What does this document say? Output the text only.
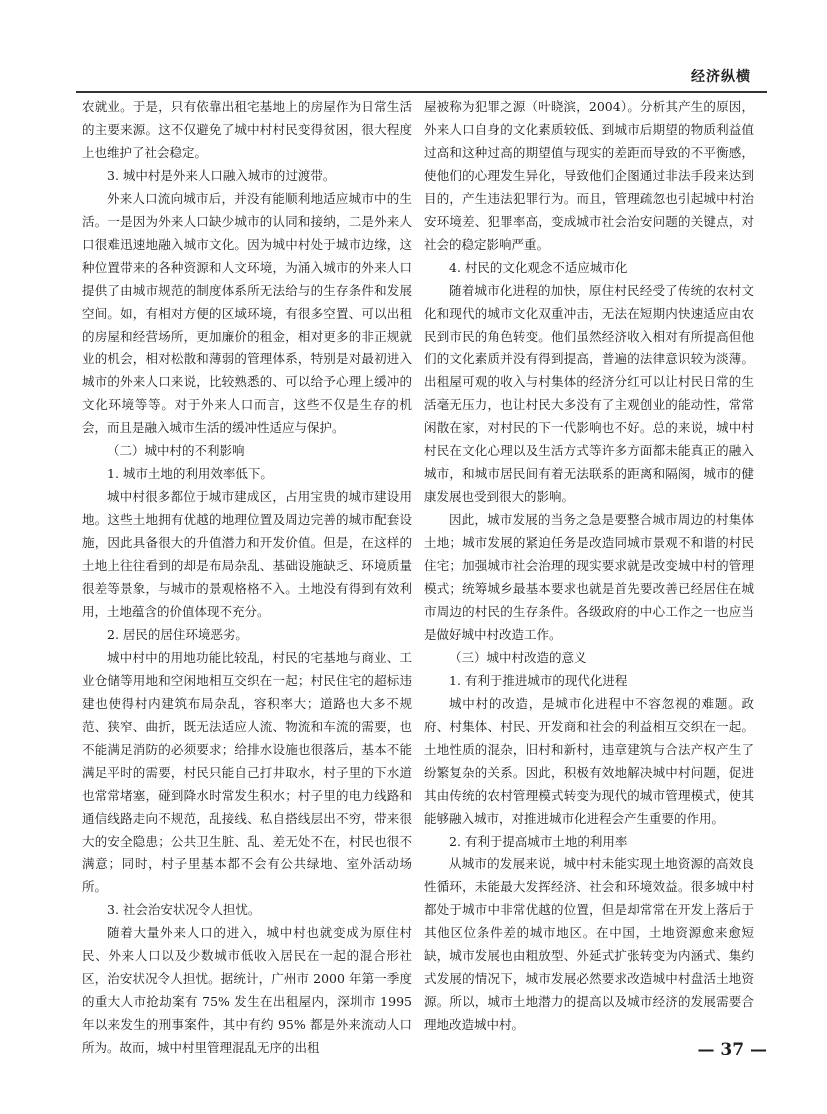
经济纵横

农就业。于是，只有依靠出租宅基地上的房屋作为日常生活的主要来源。这不仅避免了城中村村民变得贫困，很大程度上也维护了社会稳定。

3. 城中村是外来人口融入城市的过渡带。

外来人口流向城市后，并没有能顺利地适应城市中的生活。一是因为外来人口缺少城市的认同和接纳，二是外来人口很难迅速地融入城市文化。因为城中村处于城市边缘，这种位置带来的各种资源和人文环境，为涌入城市的外来人口提供了由城市规范的制度体系所无法给与的生存条件和发展空间。如，有相对方便的区域环境，有很多空置、可以出租的房屋和经营场所，更加廉价的租金，相对更多的非正规就业的机会，相对松散和薄弱的管理体系，特别是对最初进入城市的外来人口来说，比较熟悉的、可以给予心理上缓冲的文化环境等等。对于外来人口而言，这些不仅是生存的机会，而且是融入城市生活的缓冲性适应与保护。

（二）城中村的不利影响

1. 城市土地的利用效率低下。

城中村很多都位于城市建成区，占用宝贵的城市建设用地。这些土地拥有优越的地理位置及周边完善的城市配套设施，因此具备很大的升值潜力和开发价值。但是，在这样的土地上往往看到的却是布局杂乱、基础设施缺乏、环境质量很差等景象，与城市的景观格格不入。土地没有得到有效利用，土地蕴含的价值体现不充分。

2. 居民的居住环境恶劣。

城中村中的用地功能比较乱，村民的宅基地与商业、工业仓储等用地和空闲地相互交织在一起；村民住宅的超标违建也使得村内建筑布局杂乱，容积率大；道路也大多不规范、狭窄、曲折，既无法适应人流、物流和车流的需要，也不能满足消防的必须要求；给排水设施也很落后，基本不能满足平时的需要，村民只能自己打井取水，村子里的下水道也常常堵塞，碰到降水时常发生积水；村子里的电力线路和通信线路走向不规范，乱接线、私自搭线层出不穷，带来很大的安全隐患；公共卫生脏、乱、差无处不在，村民也很不满意；同时，村子里基本都不会有公共绿地、室外活动场所。

3. 社会治安状况令人担忧。

随着大量外来人口的进入，城中村也就变成为原住村民、外来人口以及少数城市低收入居民在一起的混合形社区，治安状况令人担忧。据统计，广州市 2000 年第一季度的重大人市抢劫案有 75% 发生在出租屋内，深圳市 1995 年以来发生的刑事案件，其中有约 95% 都是外来流动人口所为。故而，城中村里管理混乱无序的出租

屋被称为犯罪之源（叶晓滨，2004）。分析其产生的原因，外来人口自身的文化素质较低、到城市后期望的物质利益值过高和这种过高的期望值与现实的差距而导致的不平衡感，使他们的心理发生异化，导致他们企图通过非法手段来达到目的，产生违法犯罪行为。而且，管理疏忽也引起城中村治安环境差、犯罪率高，变成城市社会治安问题的关键点，对社会的稳定影响严重。

4. 村民的文化观念不适应城市化

随着城市化进程的加快，原住村民经受了传统的农村文化和现代的城市文化双重冲击，无法在短期内快速适应由农民到市民的角色转变。他们虽然经济收入相对有所提高但他们的文化素质并没有得到提高，普遍的法律意识较为淡薄。出租屋可观的收入与村集体的经济分红可以让村民日常的生活毫无压力，也让村民大多没有了主观创业的能动性，常常闲散在家，对村民的下一代影响也不好。总的来说，城中村村民在文化心理以及生活方式等许多方面都未能真正的融入城市，和城市居民间有着无法联系的距离和隔阂，城市的健康发展也受到很大的影响。

因此，城市发展的当务之急是要整合城市周边的村集体土地；城市发展的紧迫任务是改造同城市景观不和谐的村民住宅；加强城市社会治理的现实要求就是改变城中村的管理模式；统筹城乡最基本要求也就是首先要改善已经居住在城市周边的村民的生存条件。各级政府的中心工作之一也应当是做好城中村改造工作。

（三）城中村改造的意义

1. 有利于推进城市的现代化进程

城中村的改造，是城市化进程中不容忽视的难题。政府、村集体、村民、开发商和社会的利益相互交织在一起。土地性质的混杂，旧村和新村，违章建筑与合法产权产生了纷繁复杂的关系。因此，积极有效地解决城中村问题，促进其由传统的农村管理模式转变为现代的城市管理模式，使其能够融入城市，对推进城市化进程会产生重要的作用。

2. 有利于提高城市土地的利用率

从城市的发展来说，城中村未能实现土地资源的高效良性循环，未能最大发挥经济、社会和环境效益。很多城中村都处于城市中非常优越的位置，但是却常常在开发上落后于其他区位条件差的城市地区。在中国，土地资源愈来愈短缺，城市发展也由粗放型、外延式扩张转变为内涵式、集约式发展的情况下，城市发展必然要求改造城中村盘活土地资源。所以，城市土地潜力的提高以及城市经济的发展需要合理地改造城中村。

— 37 —
